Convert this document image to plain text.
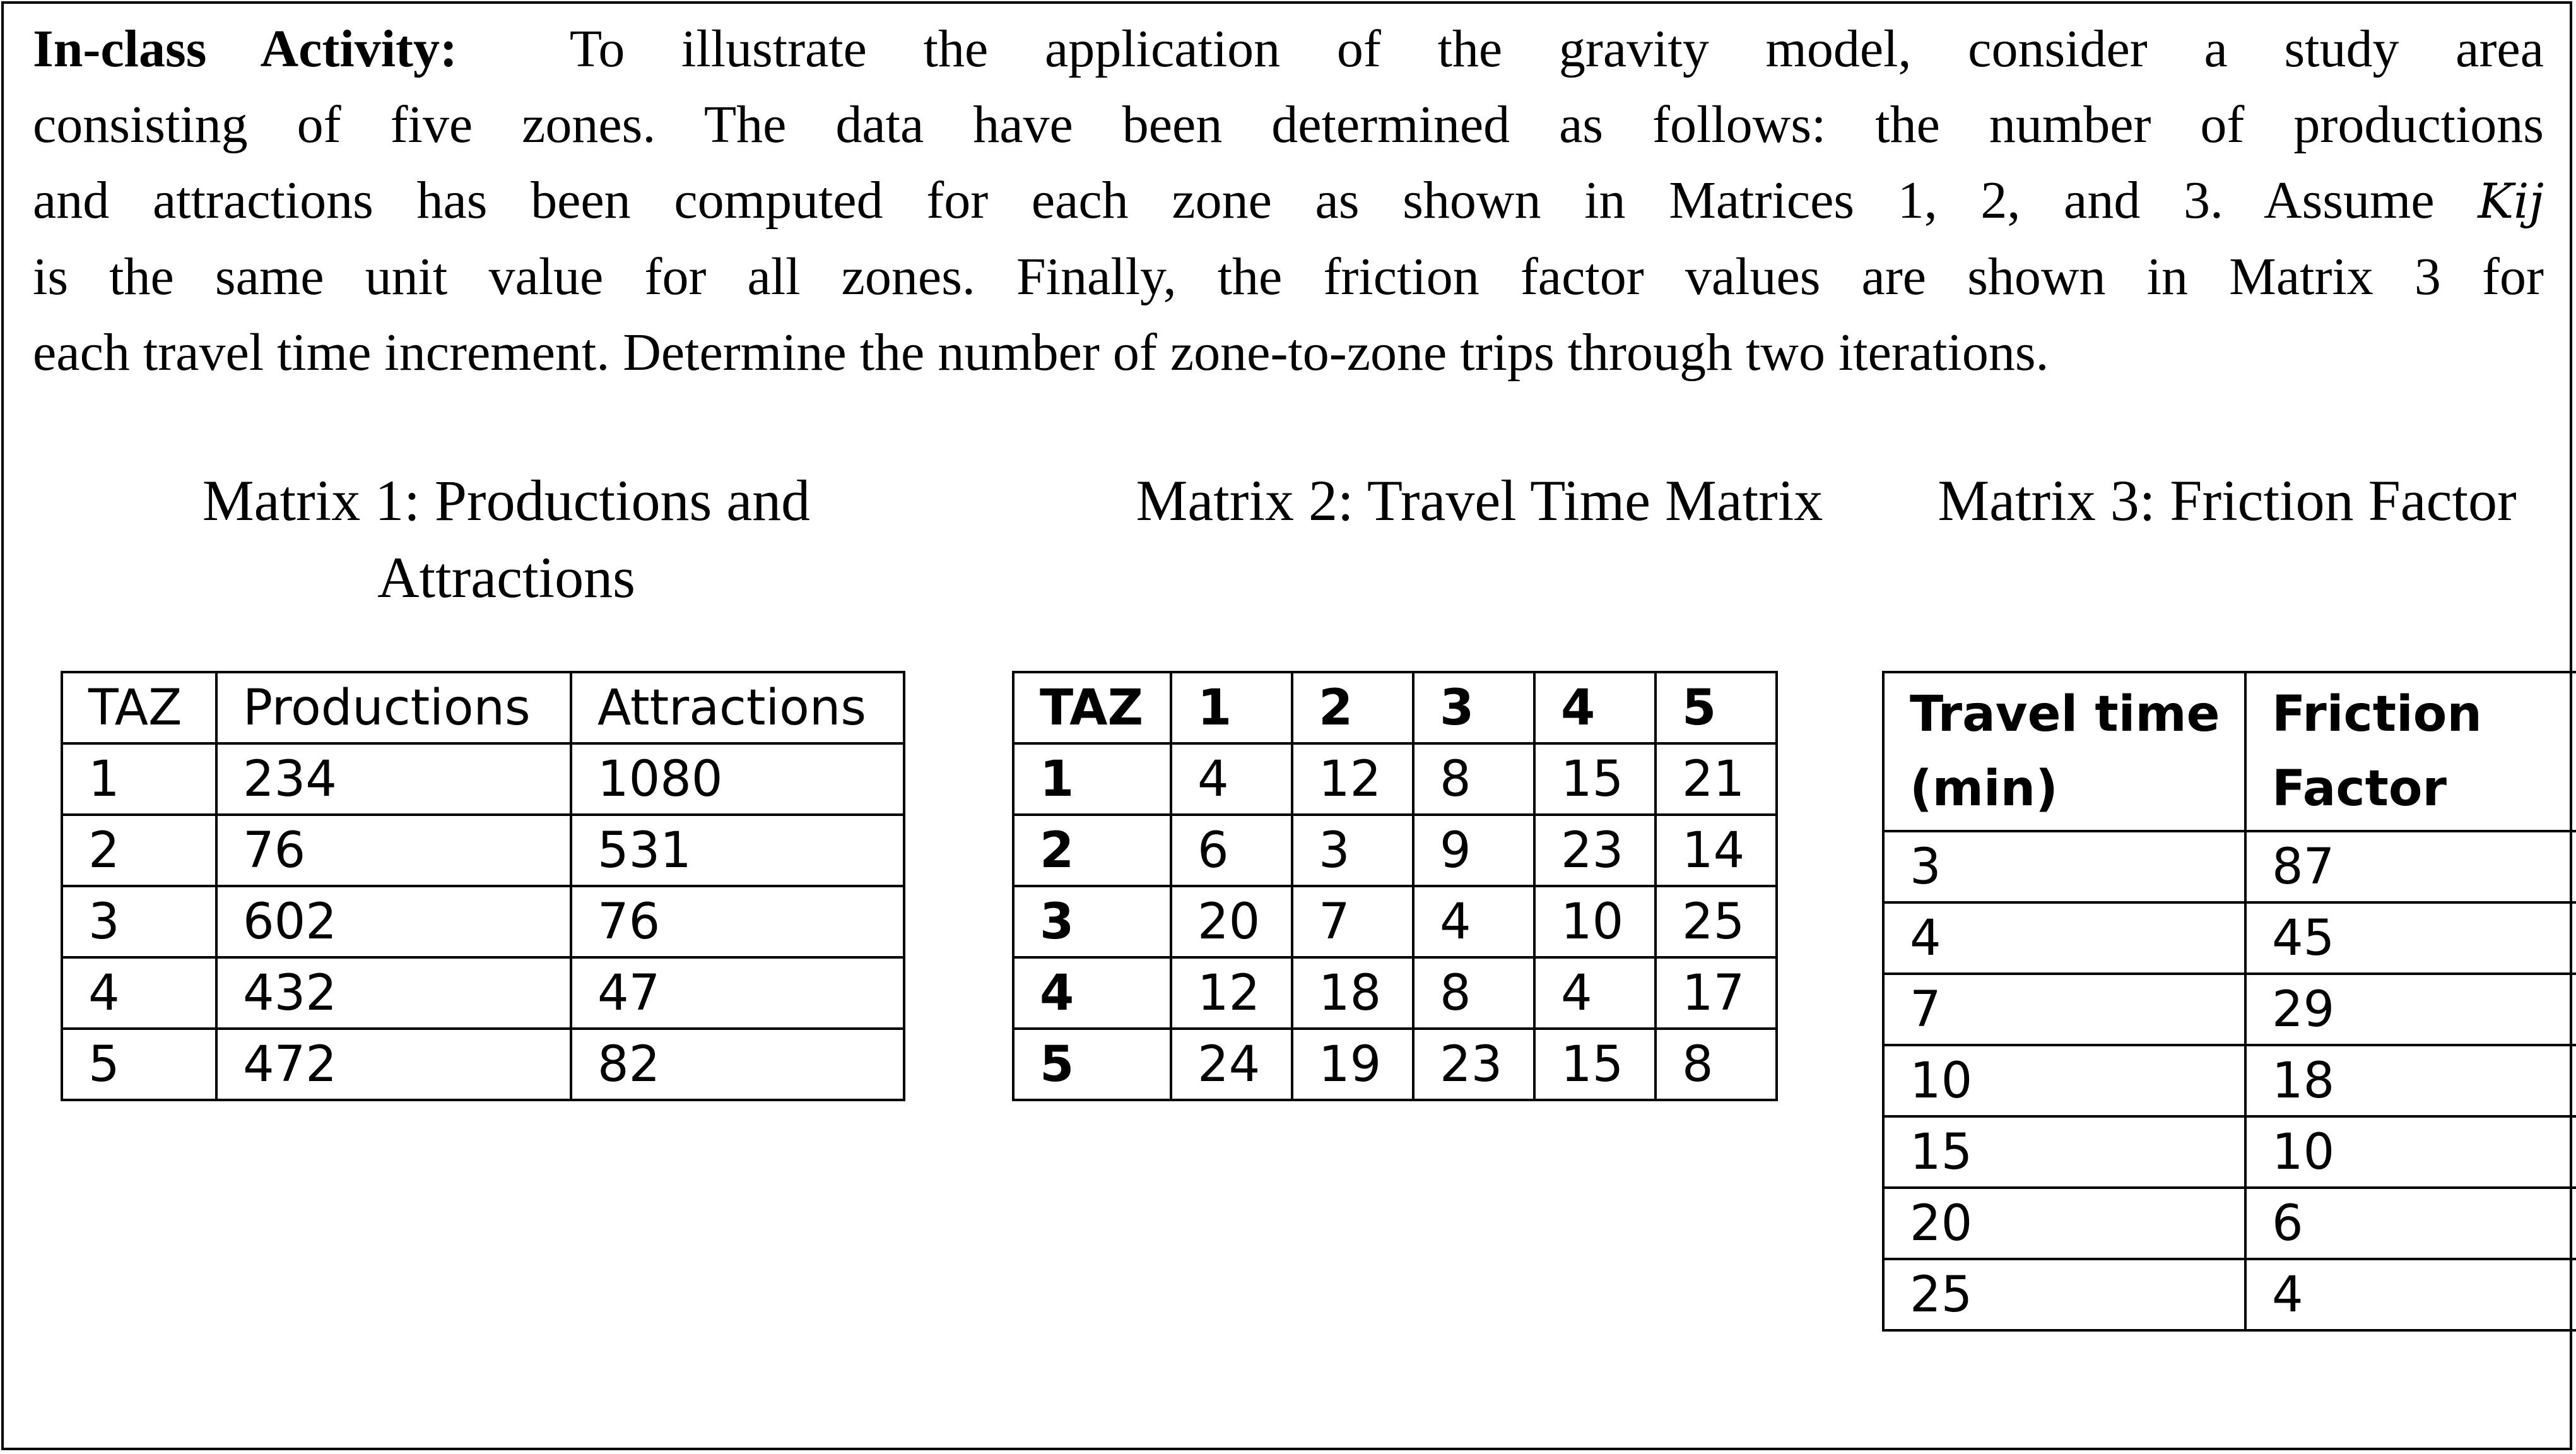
In-class Activity: To illustrate the application of the gravity model, consider a study area
consisting of five zones. The data have been determined as follows: the number of productions
and attractions has been computed for each zone as shown in Matrices 1, 2, and 3. Assume Kij
is the same unit value for all zones. Finally, the friction factor values are shown in Matrix 3 for
each travel time increment. Determine the number of zone-to-zone trips through two iterations.
Matrix 1: Productions and
Attractions
Matrix 2: Travel Time Matrix	Matrix 3: Friction Factor
TAZ	Productions	Attractions
1	234	1080
2	76	531
3	602	76
4	432	47
5	472	82
TAZ	1	2	3	4	5
1	4	12	8	15	21
2	6	3	9	23	14
3	20	7	4	10	25
4	12	18	8	4	17
5	24	19	23	15	8
Travel time (min)	Friction Factor
3	87
4	45
7	29
10	18
15	10
20	6
25	4
